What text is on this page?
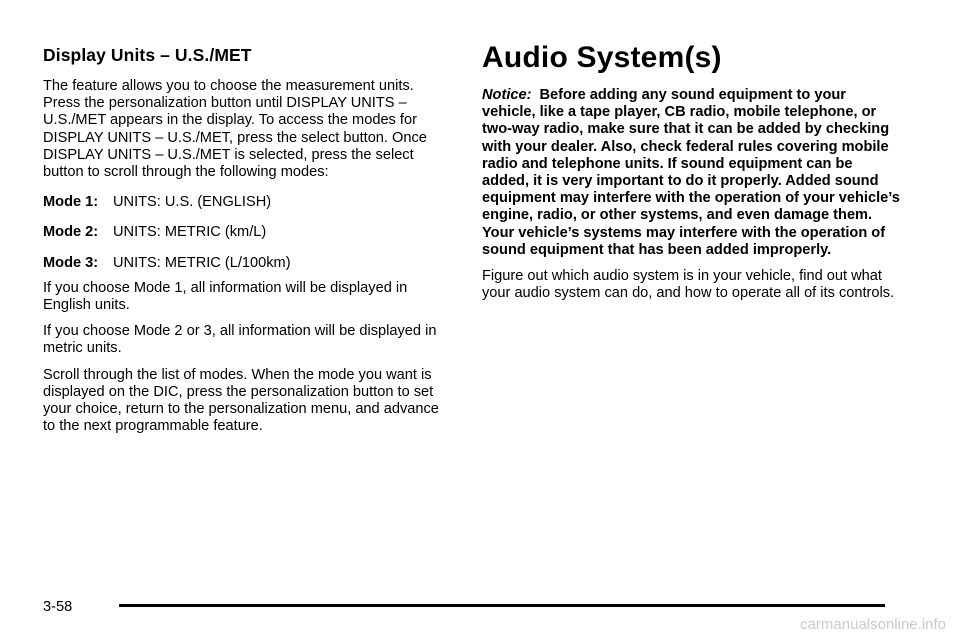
Display Units – U.S./MET

The feature allows you to choose the measurement units. Press the personalization button until DISPLAY UNITS – U.S./MET appears in the display. To access the modes for DISPLAY UNITS – U.S./MET, press the select button. Once DISPLAY UNITS – U.S./MET is selected, press the select button to scroll through the following modes:

Mode 1: UNITS: U.S. (ENGLISH)
Mode 2: UNITS: METRIC (km/L)
Mode 3: UNITS: METRIC (L/100km)

If you choose Mode 1, all information will be displayed in English units.

If you choose Mode 2 or 3, all information will be displayed in metric units.

Scroll through the list of modes. When the mode you want is displayed on the DIC, press the personalization button to set your choice, return to the personalization menu, and advance to the next programmable feature.

Audio System(s)

Notice: Before adding any sound equipment to your vehicle, like a tape player, CB radio, mobile telephone, or two-way radio, make sure that it can be added by checking with your dealer. Also, check federal rules covering mobile radio and telephone units. If sound equipment can be added, it is very important to do it properly. Added sound equipment may interfere with the operation of your vehicle’s engine, radio, or other systems, and even damage them. Your vehicle’s systems may interfere with the operation of sound equipment that has been added improperly.

Figure out which audio system is in your vehicle, find out what your audio system can do, and how to operate all of its controls.

3-58
carmanualsonline.info
